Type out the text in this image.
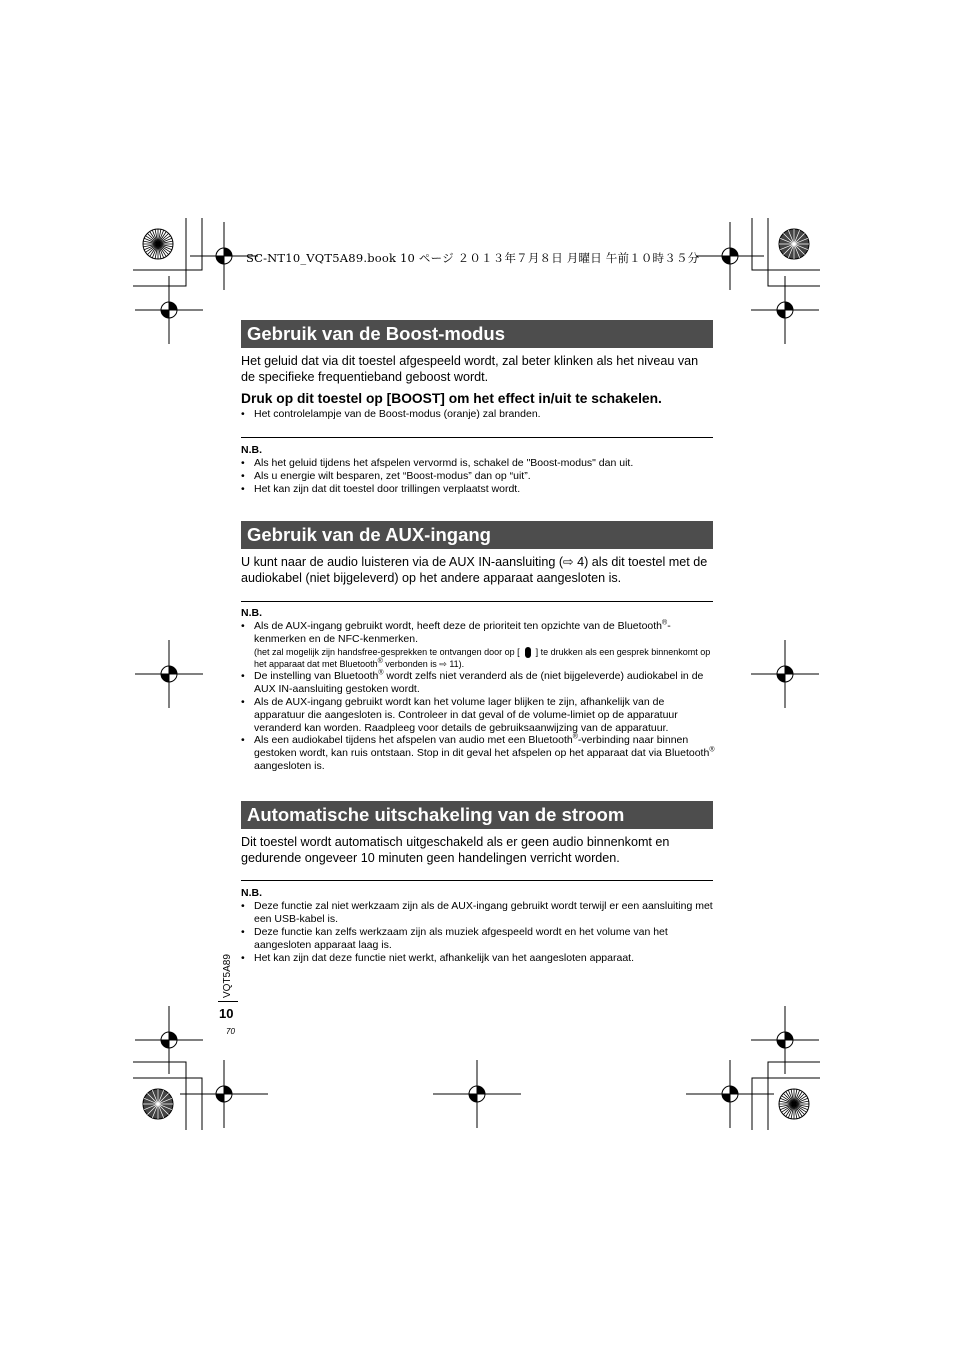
SC-NT10_VQT5A89.book 10 ページ ２０１３年７月８日 月曜日 午前１０時３５分
Gebruik van de Boost-modus
Het geluid dat via dit toestel afgespeeld wordt, zal beter klinken als het niveau van de specifieke frequentieband geboost wordt.
Druk op dit toestel op [BOOST] om het effect in/uit te schakelen.
• Het controlelampje van de Boost-modus (oranje) zal branden.
N.B.
• Als het geluid tijdens het afspelen vervormd is, schakel de "Boost-modus" dan uit.
• Als u energie wilt besparen, zet “Boost-modus” dan op “uit”.
• Het kan zijn dat dit toestel door trillingen verplaatst wordt.
Gebruik van de AUX-ingang
U kunt naar de audio luisteren via de AUX IN-aansluiting (⇨ 4) als dit toestel met de audiokabel (niet bijgeleverd) op het andere apparaat aangesloten is.
N.B.
• Als de AUX-ingang gebruikt wordt, heeft deze de prioriteit ten opzichte van de Bluetooth®-kenmerken en de NFC-kenmerken.
(het zal mogelijk zijn handsfree-gesprekken te ontvangen door op [ ] te drukken als een gesprek binnenkomt op het apparaat dat met Bluetooth® verbonden is ⇨ 11).
• De instelling van Bluetooth® wordt zelfs niet veranderd als de (niet bijgeleverde) audiokabel in de AUX IN-aansluiting gestoken wordt.
• Als de AUX-ingang gebruikt wordt kan het volume lager blijken te zijn, afhankelijk van de apparatuur die aangesloten is. Controleer in dat geval of de volume-limiet op de apparatuur veranderd kan worden. Raadpleeg voor details de gebruiksaanwijzing van de apparatuur.
• Als een audiokabel tijdens het afspelen van audio met een Bluetooth®-verbinding naar binnen gestoken wordt, kan ruis ontstaan. Stop in dit geval het afspelen op het apparaat dat via Bluetooth® aangesloten is.
Automatische uitschakeling van de stroom
Dit toestel wordt automatisch uitgeschakeld als er geen audio binnenkomt en gedurende ongeveer 10 minuten geen handelingen verricht worden.
N.B.
• Deze functie zal niet werkzaam zijn als de AUX-ingang gebruikt wordt terwijl er een aansluiting met een USB-kabel is.
• Deze functie kan zelfs werkzaam zijn als muziek afgespeeld wordt en het volume van het aangesloten apparaat laag is.
• Het kan zijn dat deze functie niet werkt, afhankelijk van het aangesloten apparaat.
VQT5A89
10
70
